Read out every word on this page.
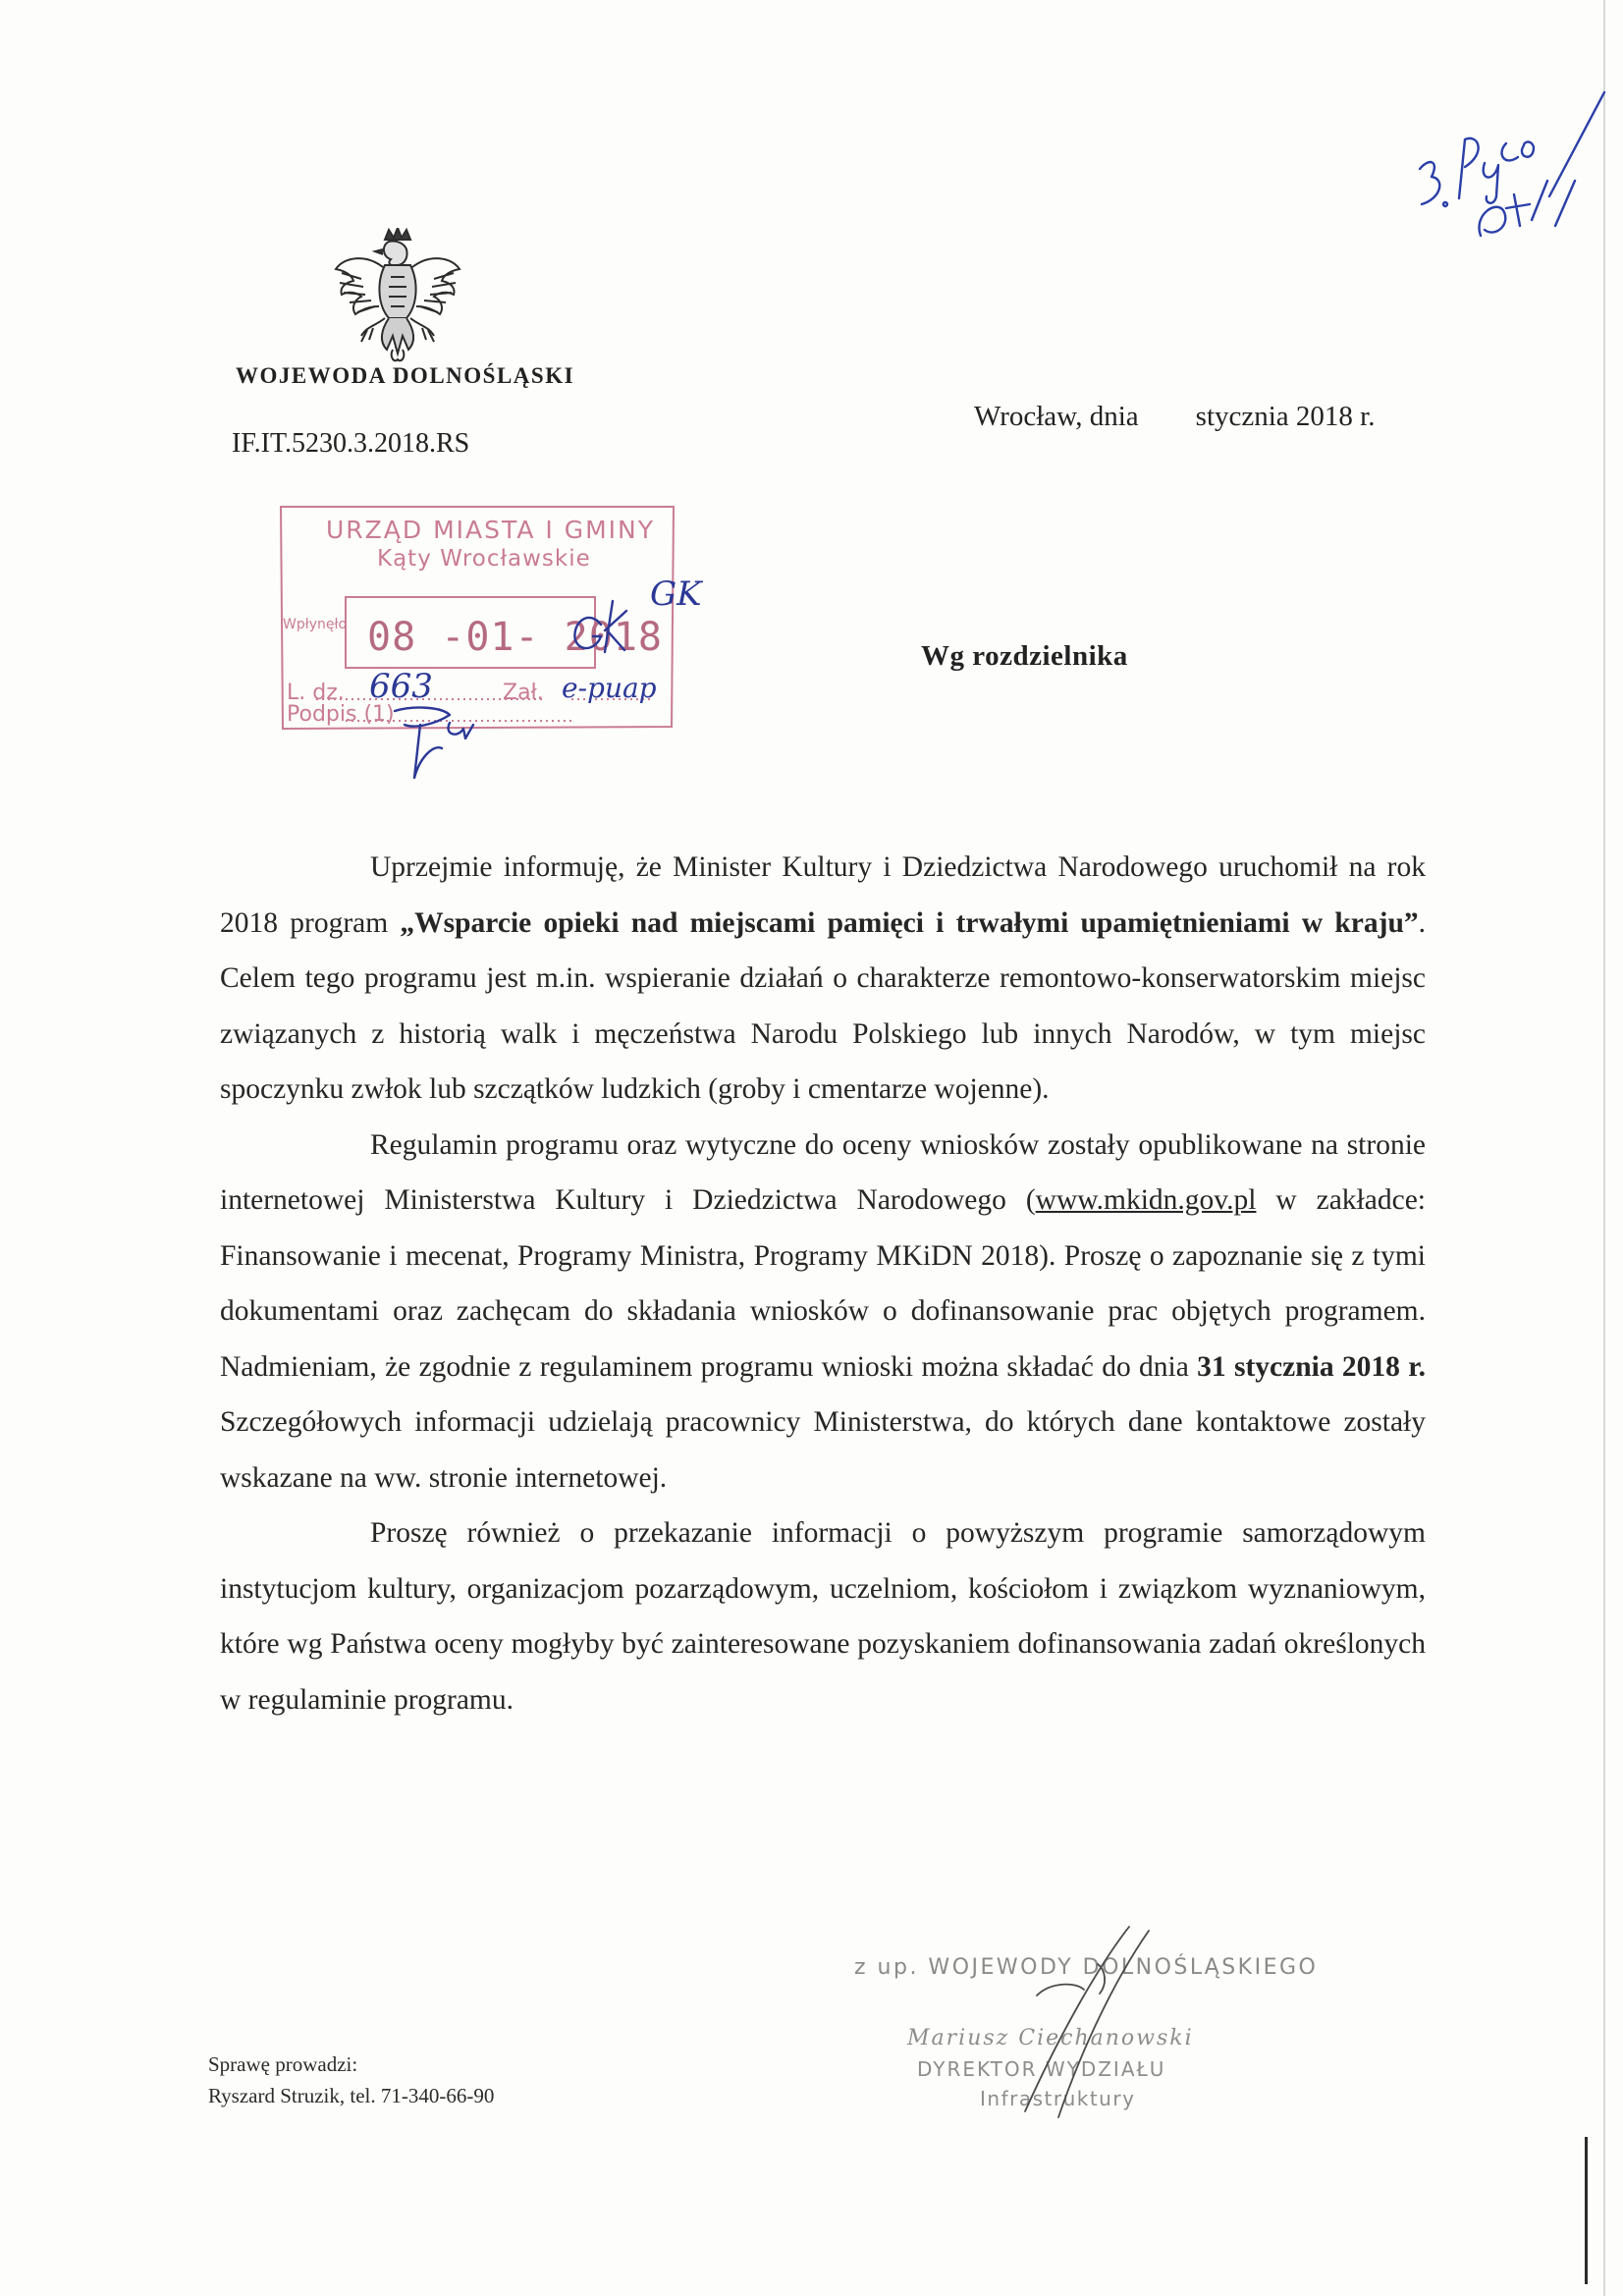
WOJEWODA DOLNOŚLĄSKI
IF.IT.5230.3.2018.RS
Wrocław, dnia        stycznia 2018 r.
URZĄD MIASTA I GMINY
Kąty Wrocławskie
Wpłynęło
L. dz.	Zał.
Podpis (1)
08 -01- 2018
663	e-puap
GK
Wg rozdzielnika

Uprzejmie informuję, że Minister Kultury i Dziedzictwa Narodowego uruchomił na rok 2018 program „Wsparcie opieki nad miejscami pamięci i trwałymi upamiętnieniami w kraju”. Celem tego programu jest m.in. wspieranie działań o charakterze remontowo-konserwatorskim miejsc związanych z historią walk i męczeństwa Narodu Polskiego lub innych Narodów, w tym miejsc spoczynku zwłok lub szczątków ludzkich (groby i cmentarze wojenne).

Regulamin programu oraz wytyczne do oceny wniosków zostały opublikowane na stronie internetowej Ministerstwa Kultury i Dziedzictwa Narodowego (www.mkidn.gov.pl w zakładce: Finansowanie i mecenat, Programy Ministra, Programy MKiDN 2018). Proszę o zapoznanie się z tymi dokumentami oraz zachęcam do składania wniosków o dofinansowanie prac objętych programem. Nadmieniam, że zgodnie z regulaminem programu wnioski można składać do dnia 31 stycznia 2018 r. Szczegółowych informacji udzielają pracownicy Ministerstwa, do których dane kontaktowe zostały wskazane na ww. stronie internetowej.

Proszę również o przekazanie informacji o powyższym programie samorządowym instytucjom kultury, organizacjom pozarządowym, uczelniom, kościołom i związkom wyznaniowym, które wg Państwa oceny mogłyby być zainteresowane pozyskaniem dofinansowania zadań określonych w regulaminie programu.

z up. WOJEWODY DOLNOŚLĄSKIEGO
Mariusz Ciechanowski
DYREKTOR WYDZIAŁU
Infrastruktury
Sprawę prowadzi:
Ryszard Struzik, tel. 71-340-66-90
